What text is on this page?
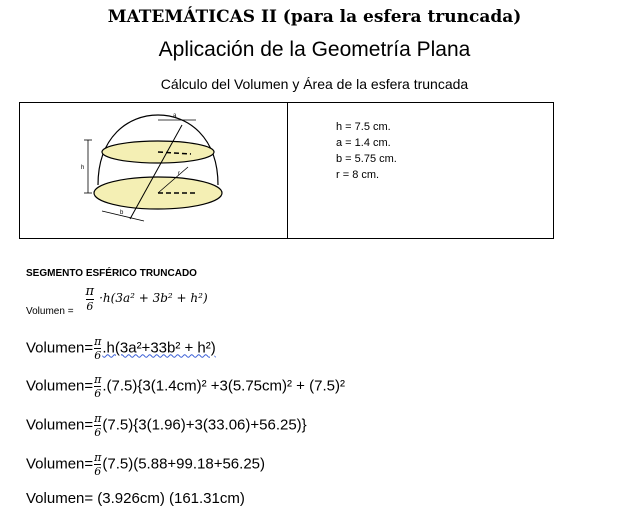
MATEMÁTICAS II (para la esfera truncada)
Aplicación de la Geometría Plana
Cálculo del Volumen y Área de la esfera truncada
a
h
r
b
h = 7.5 cm.
a = 1.4 cm.
b = 5.75 cm.
r = 8 cm.
SEGMENTO ESFÉRICO TRUNCADO
$_{Volumen =} \frac{\pi}{6} \cdot h(3a^2 + 3b^2 + h^2)$
Volumen= $\frac{\pi}{6} .h(3a^2+33b^2 + h^2)$
Volumen= $\frac{\pi}{6} .(7.5)\{3(1.4cm)^2 +3(5.75cm)^2 + (7.5)^2$
Volumen= $\frac{\pi}{6} (7.5)\{3(1.96)+3(33.06)+56.25)$}
Volumen= $\frac{\pi}{6} (7.5)(5.88+99.18+56.25)$
Volumen= (3.926cm) (161.31cm)
